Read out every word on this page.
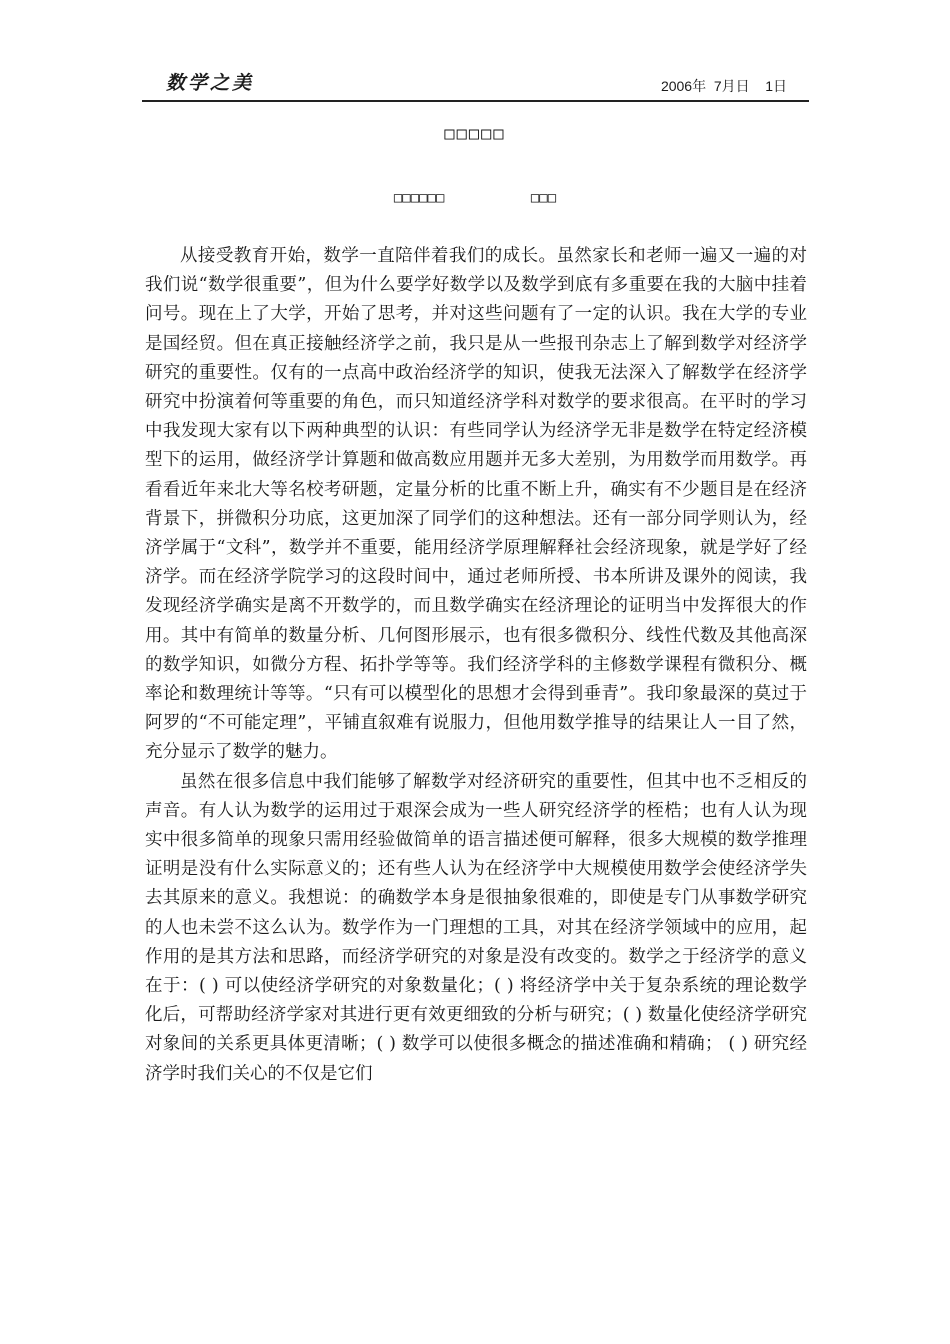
数学之美	2006年  7月日    1日
□□□□□
□□□□□□	□□□

从接受教育开始，数学一直陪伴着我们的成长。虽然家长和老师一遍又一遍的对我们说“数学很重要”，但为什么要学好数学以及数学到底有多重要在我的大脑中挂着问号。现在上了大学，开始了思考，并对这些问题有了一定的认识。我在大学的专业是国经贸。但在真正接触经济学之前，我只是从一些报刊杂志上了解到数学对经济学研究的重要性。仅有的一点高中政治经济学的知识，使我无法深入了解数学在经济学研究中扮演着何等重要的角色，而只知道经济学科对数学的要求很高。在平时的学习中我发现大家有以下两种典型的认识：有些同学认为经济学无非是数学在特定经济模型下的运用，做经济学计算题和做高数应用题并无多大差别，为用数学而用数学。再看看近年来北大等名校考研题，定量分析的比重不断上升，确实有不少题目是在经济背景下，拼微积分功底，这更加深了同学们的这种想法。还有一部分同学则认为，经济学属于“文科”，数学并不重要，能用经济学原理解释社会经济现象，就是学好了经济学。而在经济学院学习的这段时间中，通过老师所授、书本所讲及课外的阅读，我发现经济学确实是离不开数学的，而且数学确实在经济理论的证明当中发挥很大的作用。其中有简单的数量分析、几何图形展示，也有很多微积分、线性代数及其他高深的数学知识，如微分方程、拓扑学等等。我们经济学科的主修数学课程有微积分、概率论和数理统计等等。“只有可以模型化的思想才会得到垂青”。我印象最深的莫过于阿罗的“不可能定理”，平铺直叙难有说服力，但他用数学推导的结果让人一目了然，充分显示了数学的魅力。

虽然在很多信息中我们能够了解数学对经济研究的重要性，但其中也不乏相反的声音。有人认为数学的运用过于艰深会成为一些人研究经济学的桎梏；也有人认为现实中很多简单的现象只需用经验做简单的语言描述便可解释，很多大规模的数学推理证明是没有什么实际意义的；还有些人认为在经济学中大规模使用数学会使经济学失去其原来的意义。我想说：的确数学本身是很抽象很难的，即使是专门从事数学研究的人也未尝不这么认为。数学作为一门理想的工具，对其在经济学领域中的应用，起作用的是其方法和思路，而经济学研究的对象是没有改变的。数学之于经济学的意义在于：( ) 可以使经济学研究的对象数量化；( ) 将经济学中关于复杂系统的理论数学化后，可帮助经济学家对其进行更有效更细致的分析与研究；( ) 数量化使经济学研究对象间的关系更具体更清晰；( ) 数学可以使很多概念的描述准确和精确； ( ) 研究经济学时我们关心的不仅是它们
